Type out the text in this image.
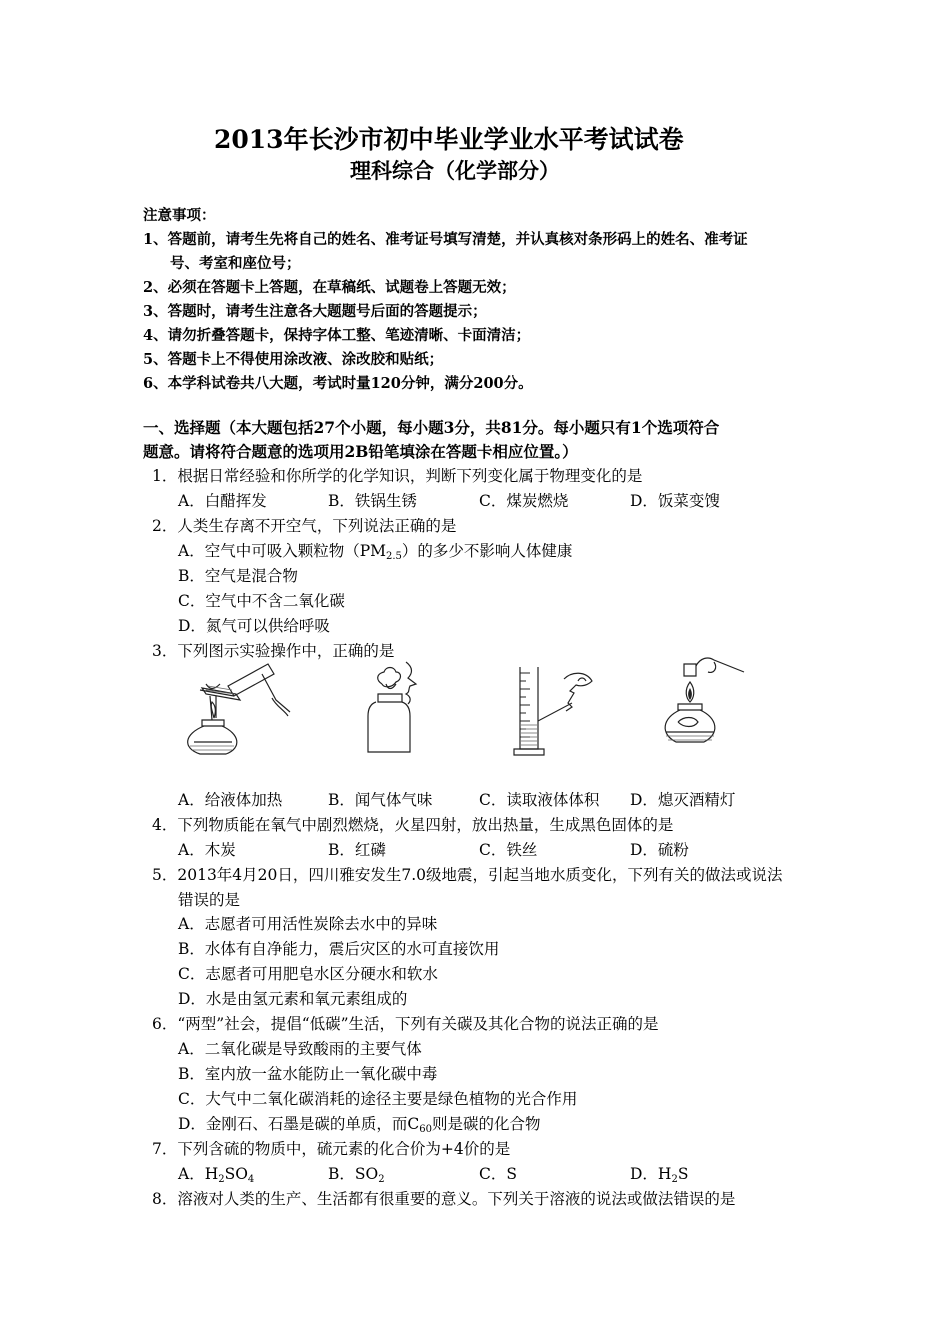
2013年长沙市初中毕业学业水平考试试卷
理科综合（化学部分）
注意事项：
1、答题前，请考生先将自己的姓名、准考证号填写清楚，并认真核对条形码上的姓名、准考证
号、考室和座位号；
2、必须在答题卡上答题，在草稿纸、试题卷上答题无效；
3、答题时，请考生注意各大题题号后面的答题提示；
4、请勿折叠答题卡，保持字体工整、笔迹清晰、卡面清洁；
5、答题卡上不得使用涂改液、涂改胶和贴纸；
6、本学科试卷共八大题，考试时量120分钟，满分200分。
一、选择题（本大题包括27个小题，每小题3分，共81分。每小题只有1个选项符合
题意。请将符合题意的选项用2B铅笔填涂在答题卡相应位置。）
1．根据日常经验和你所学的化学知识，判断下列变化属于物理变化的是
A．白醋挥发	B．铁锅生锈	C．煤炭燃烧	D．饭菜变馊
2．人类生存离不开空气，下列说法正确的是
A．空气中可吸入颗粒物$(PM_{2.5})$的多少不影响人体健康
B．空气是混合物
C．空气中不含二氧化碳
D．氮气可以供给呼吸
3．下列图示实验操作中，正确的是
A．给液体加热	B．闻气体气味	C．读取液体体积 D．熄灭酒精灯
4．下列物质能在氧气中剧烈燃烧，火星四射，放出热量，生成黑色固体的是
A．木炭	B．红磷	C．铁丝	D．硫粉
5．2013年4月20日，四川雅安发生7.0级地震，引起当地水质变化，下列有关的做法或说法
错误的是
A．志愿者可用活性炭除去水中的异味
B．水体有自净能力，震后灾区的水可直接饮用
C．志愿者可用肥皂水区分硬水和软水
D．水是由氢元素和氧元素组成的
6．“两型”社会，提倡“低碳”生活，下列有关碳及其化合物的说法正确的是
A．二氧化碳是导致酸雨的主要气体
B．室内放一盆水能防止一氧化碳中毒
C．大气中二氧化碳消耗的途径主要是绿色植物的光合作用
D．金刚石、石墨是碳的单质，而$C_{60}$则是碳的化合物
7．下列含硫的物质中，硫元素的化合价为+4价的是
A．$H_2SO_4$	B．$SO_2$	C．S	D．$H_2S$
8．溶液对人类的生产、生活都有很重要的意义。下列关于溶液的说法或做法错误的是
